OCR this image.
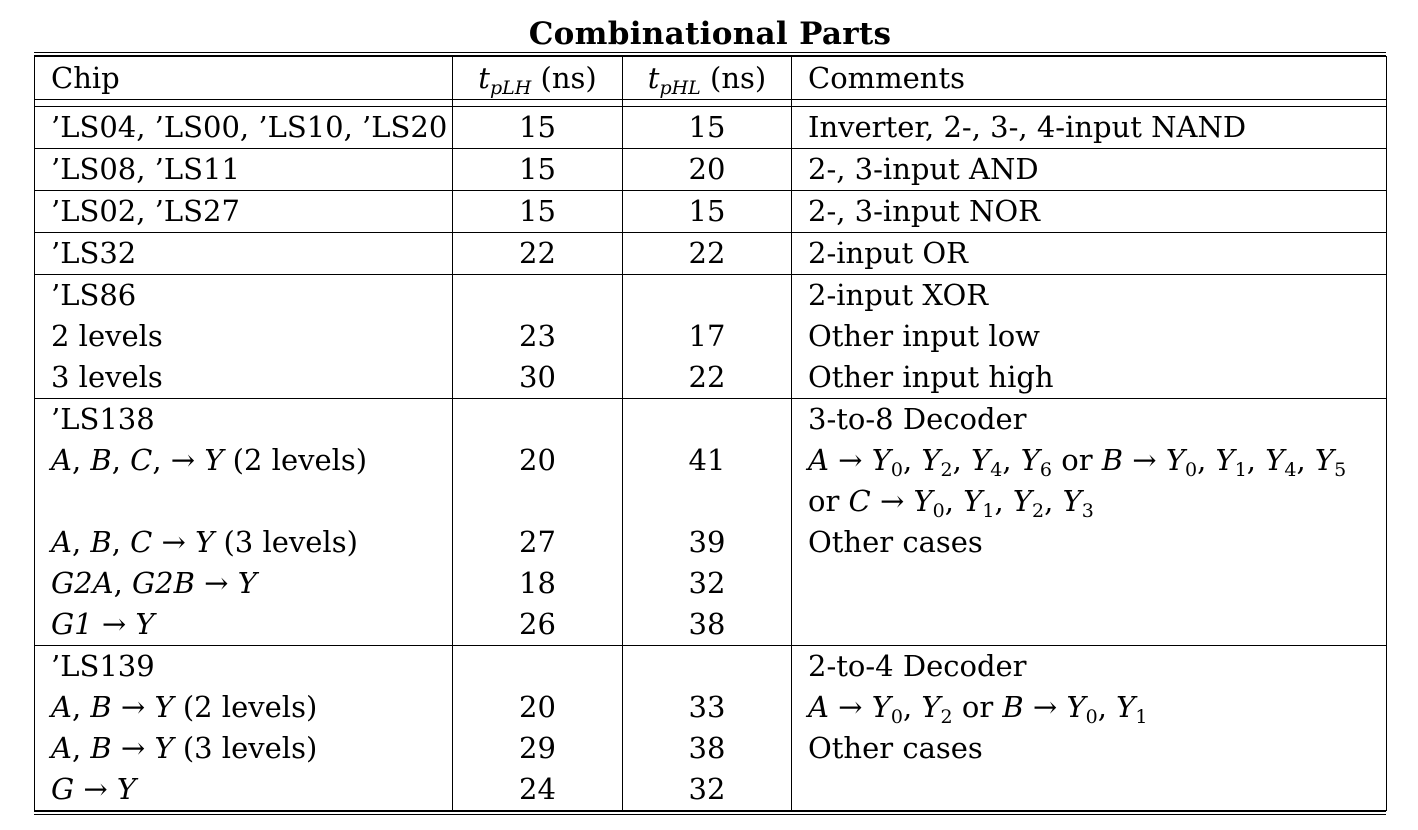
Combinational Parts
Chip	$t_{pLH}$ (ns)	$t_{pHL}$ (ns)	Comments

’LS04, ’LS00, ’LS10, ’LS20	15	15	Inverter, 2-, 3-, 4-input NAND
’LS08, ’LS11	15	20	2-, 3-input AND
’LS02, ’LS27	15	15	2-, 3-input NOR
’LS32	22	22	2-input OR
’LS86			2-input XOR
2 levels	23	17	Other input low
3 levels	30	22	Other input high
’LS138			3-to-8 Decoder
A, B, C, → Y (2 levels)	20	41	$A \to Y_0$, $Y_2$, $Y_4$, $Y_6$ or $B \to Y_0$, $Y_1$, $Y_4$, $Y_5$
			or $C \to Y_0$, $Y_1$, $Y_2$, $Y_3$
A, B, C → Y (3 levels)	27	39	Other cases
G2A, G2B → Y	18	32	
G1 → Y	26	38	
’LS139			2-to-4 Decoder
A, B → Y (2 levels)	20	33	$A \to Y_0$, $Y_2$ or $B \to Y_0$, $Y_1$
A, B → Y (3 levels)	29	38	Other cases
G → Y	24	32	
